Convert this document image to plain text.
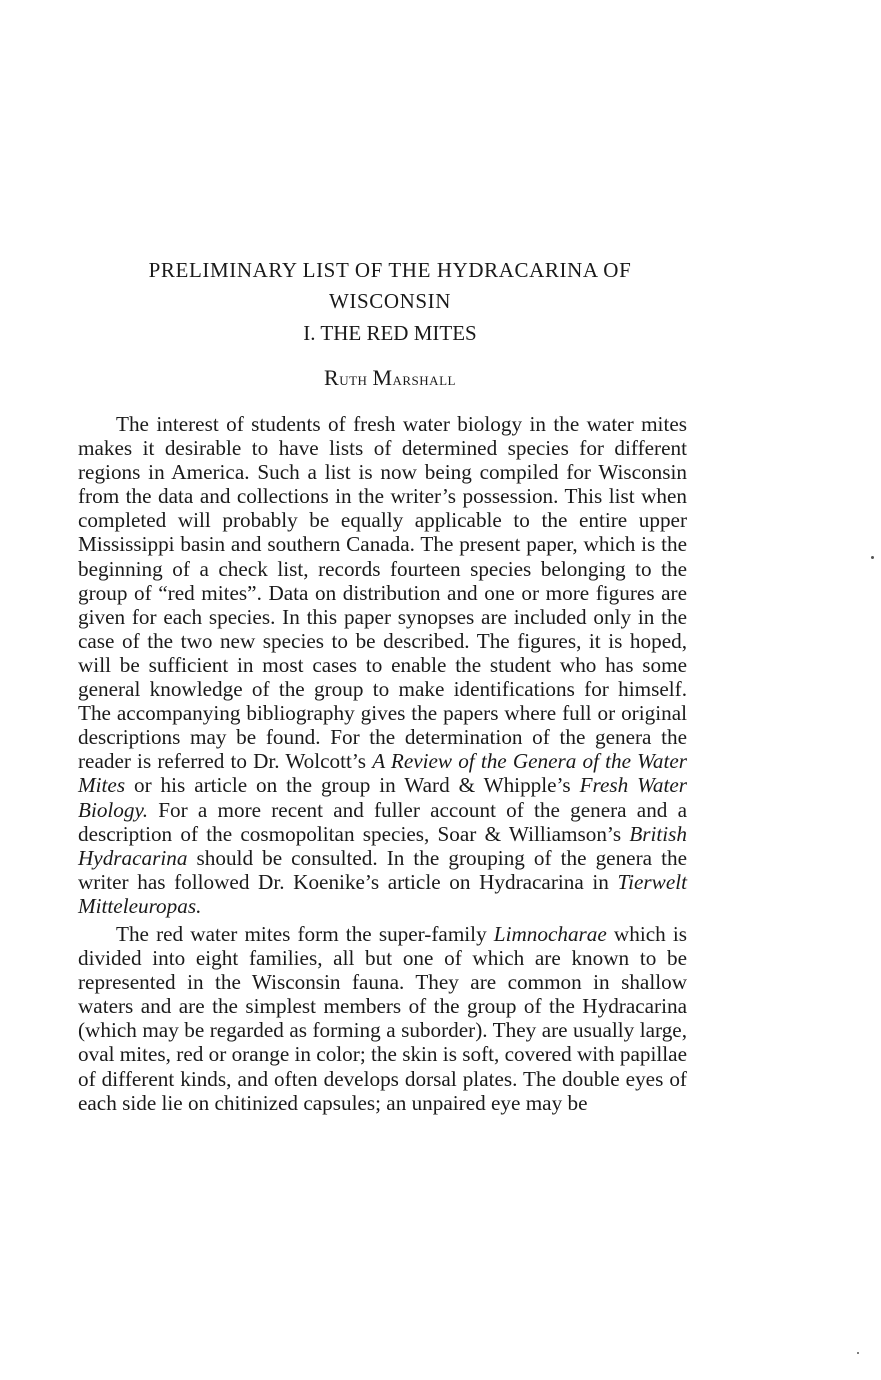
PRELIMINARY LIST OF THE HYDRACARINA OF
WISCONSIN
I. THE RED MITES
Ruth Marshall

The interest of students of fresh water biology in the water mites makes it desirable to have lists of determined species for different regions in America. Such a list is now being compiled for Wisconsin from the data and collections in the writer’s possession. This list when completed will probably be equally applicable to the entire upper Mississippi basin and southern Canada. The present paper, which is the beginning of a check list, records fourteen species belonging to the group of “red mites”. Data on distribution and one or more figures are given for each species. In this paper synopses are included only in the case of the two new species to be described. The figures, it is hoped, will be sufficient in most cases to enable the student who has some general knowledge of the group to make identifications for himself. The accompanying bibliography gives the papers where full or original descriptions may be found. For the determination of the genera the reader is referred to Dr. Wolcott’s A Review of the Genera of the Water Mites or his article on the group in Ward & Whipple’s Fresh Water Biology. For a more recent and fuller account of the genera and a description of the cosmopolitan species, Soar & Williamson’s British Hydracarina should be consulted. In the grouping of the genera the writer has followed Dr. Koenike’s article on Hydracarina in Tierwelt Mitteleuropas.

The red water mites form the super-family Limnocharae which is divided into eight families, all but one of which are known to be represented in the Wisconsin fauna. They are common in shallow waters and are the simplest members of the group of the Hydracarina (which may be regarded as forming a suborder). They are usually large, oval mites, red or orange in color; the skin is soft, covered with papillae of different kinds, and often develops dorsal plates. The double eyes of each side lie on chitinized capsules; an unpaired eye may be
